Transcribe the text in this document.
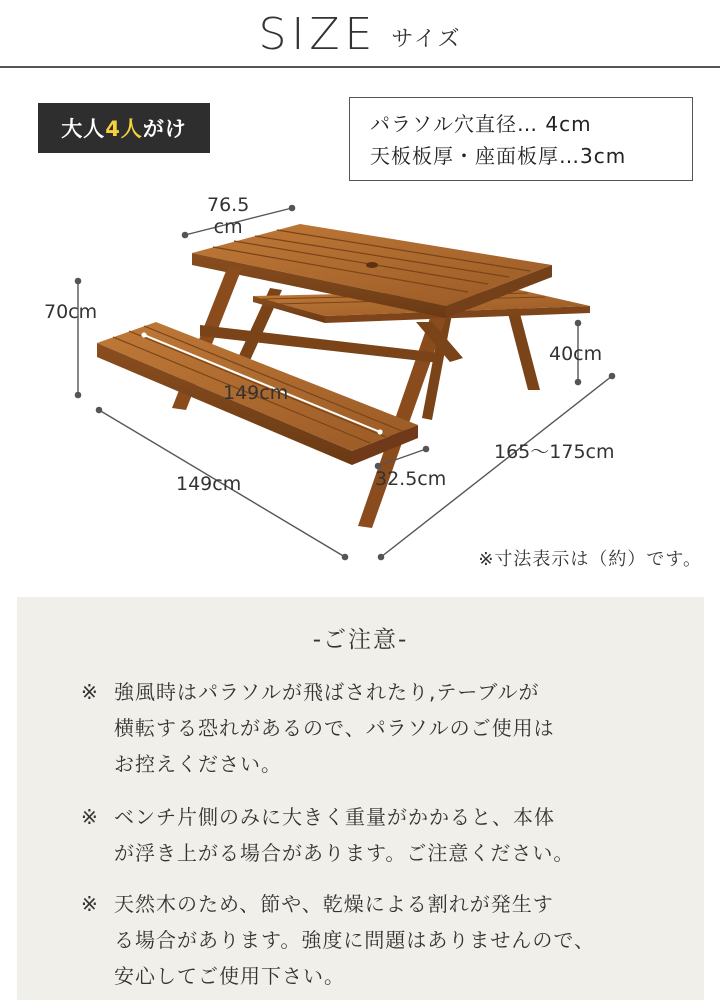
SIZE サイズ
大人 4人 がけ	パラソル穴直径… 4cm
天板板厚・座面板厚…3cm
76.5
cm
70cm
40cm
149cm
149cm	32.5cm
165～175cm
※寸法表示は（約）です。
-ご注意-
※ 強風時はパラソルが飛ばされたり,テーブルが
横転する恐れがあるので、パラソルのご使用は
お控えください。
※ ベンチ片側のみに大きく重量がかかると、本体
が浮き上がる場合があります。ご注意ください。
※ 天然木のため、節や、乾燥による割れが発生す
る場合があります。強度に問題はありませんので、
安心してご使用下さい。
